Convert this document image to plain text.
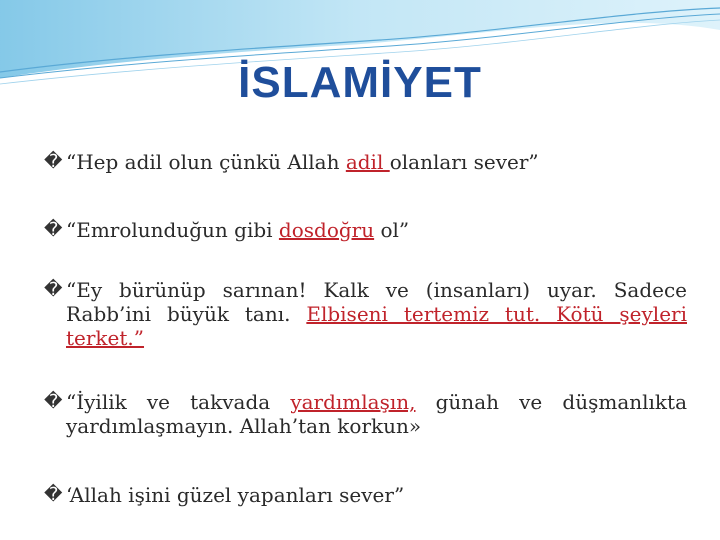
İSLAMİYET
� “Hep adil olun çünkü Allah adil olanları sever”
� “Emrolunduğun gibi dosdoğru ol”
� “Ey bürünüp sarınan! Kalk ve (insanları) uyar. Sadece Rabb’ini büyük tanı. Elbiseni tertemiz tut. Kötü şeyleri terket.”
� “İyilik ve takvada yardımlaşın, günah ve düşmanlıkta yardımlaşmayın. Allah’tan korkun»
� ‘Allah işini güzel yapanları sever”
